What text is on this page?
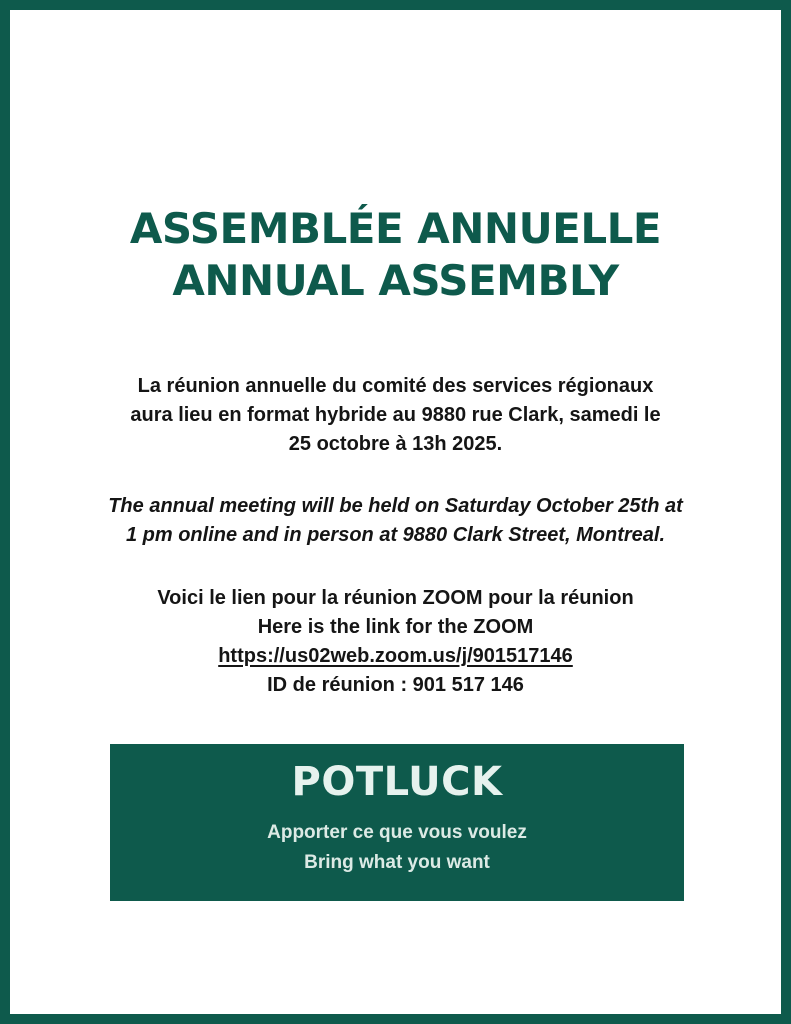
ASSEMBLÉE ANNUELLE
ANNUAL ASSEMBLY
La réunion annuelle du comité des services régionaux
aura lieu en format hybride au 9880 rue Clark, samedi le
25 octobre à 13h 2025.
The annual meeting will be held on Saturday October 25th at
1 pm online and in person at 9880 Clark Street, Montreal.
Voici le lien pour la réunion ZOOM pour la réunion
Here is the link for the ZOOM
https://us02web.zoom.us/j/901517146
ID de réunion : 901 517 146
POTLUCK
Apporter ce que vous voulez
Bring what you want
